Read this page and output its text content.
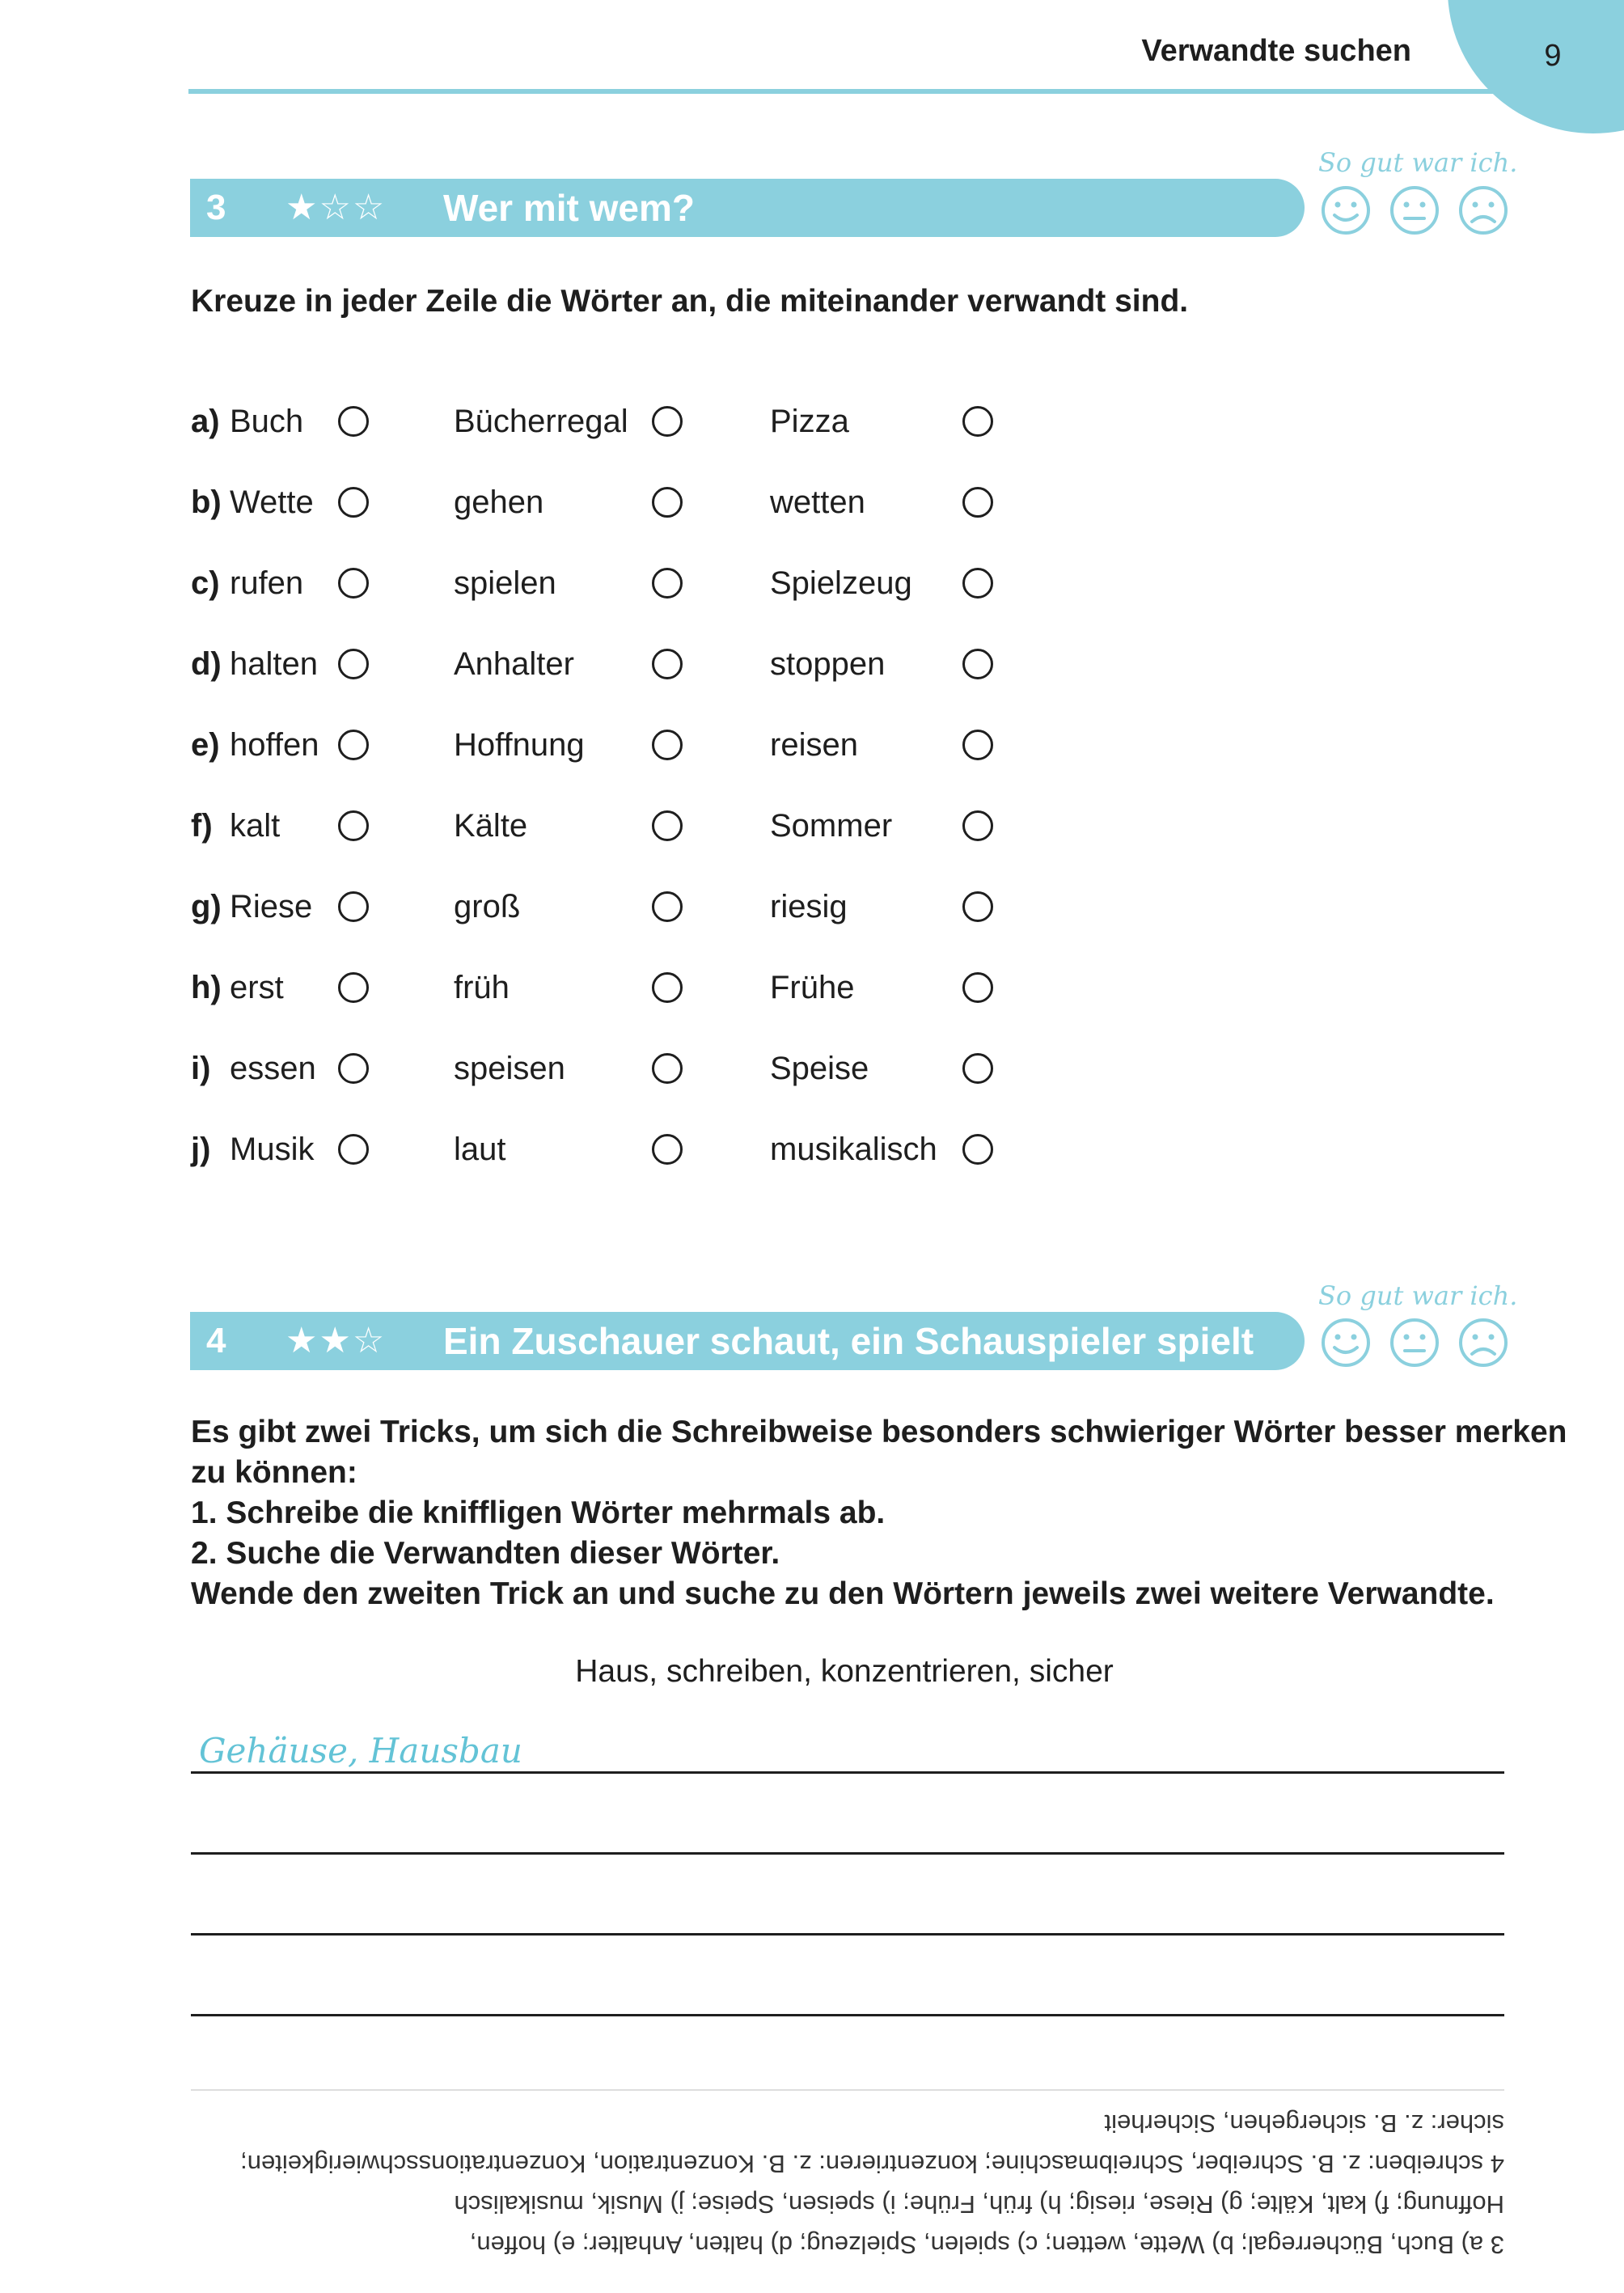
Verwandte suchen	9
3 ★☆☆ Wer mit wem?
So gut war ich.
Kreuze in jeder Zeile die Wörter an, die miteinander verwandt sind.
a) Buch	Bücherregal	Pizza
b) Wette	gehen	wetten
c) rufen	spielen	Spielzeug
d) halten	Anhalter	stoppen
e) hoffen	Hoffnung	reisen
f) kalt	Kälte	Sommer
g) Riese	groß	riesig
h) erst	früh	Frühe
i) essen	speisen	Speise
j) Musik	laut	musikalisch
4 ★★☆ Ein Zuschauer schaut, ein Schauspieler spielt
So gut war ich.
Es gibt zwei Tricks, um sich die Schreibweise besonders schwieriger Wörter besser merken
zu können:
1. Schreibe die kniffligen Wörter mehrmals ab.
2. Suche die Verwandten dieser Wörter.
Wende den zweiten Trick an und suche zu den Wörtern jeweils zwei weitere Verwandte.
Haus, schreiben, konzentrieren, sicher
Gehäuse, Hausbau
3 a) Buch, Bücherregal; b) Wette, wetten; c) spielen, Spielzeug; d) halten, Anhalter; e) hoffen,
Hoffnung; f) kalt, Kälte; g) Riese, riesig; h) früh, Frühe; i) speisen, Speise; j) Musik, musikalisch
4 schreiben: z. B. Schreiber, Schreibmaschine; konzentrieren: z. B. Konzentration, Konzentrationsschwierigkeiten;
sicher: z. B. sichergehen, Sicherheit
